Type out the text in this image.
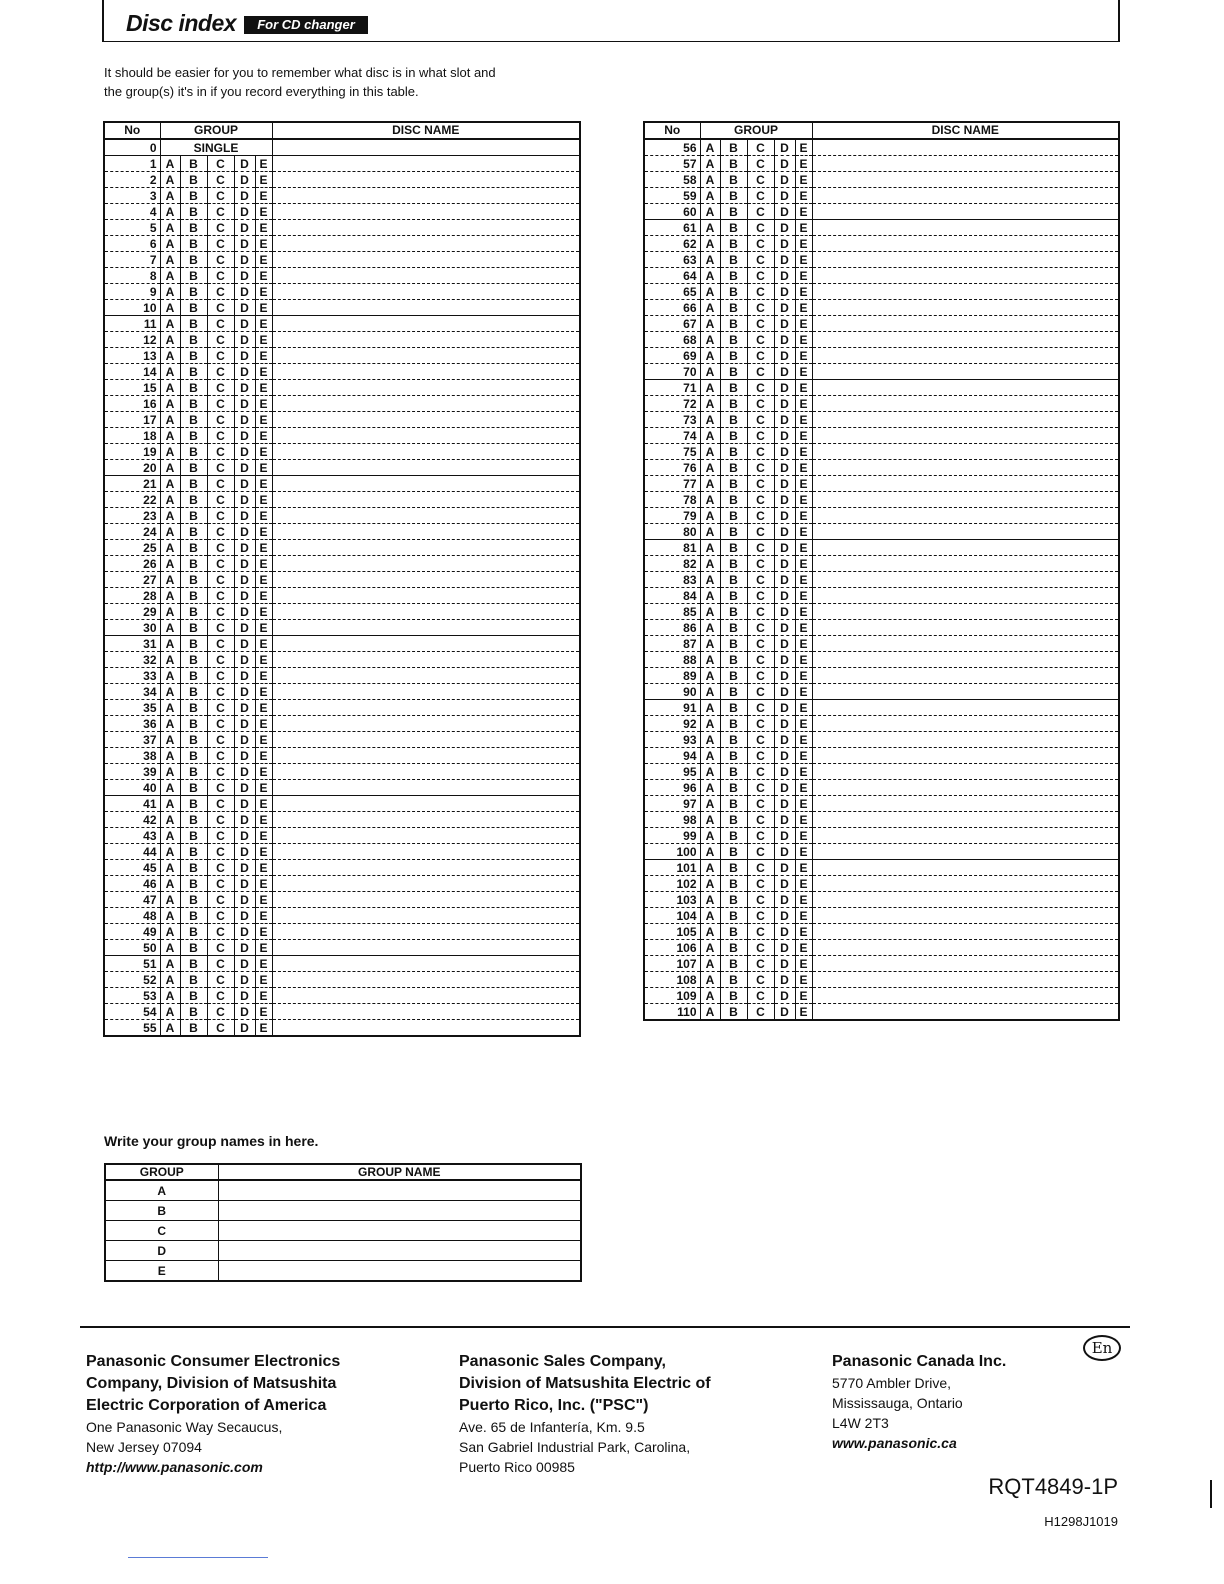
Disc index	For CD changer
It should be easier for you to remember what disc is in what slot and
the group(s) it's in if you record everything in this table.
No	GROUP					DISC NAME
0	SINGLE					
1	A	B	C	D	E	
2	A	B	C	D	E	
3	A	B	C	D	E	
4	A	B	C	D	E	
5	A	B	C	D	E	
6	A	B	C	D	E	
7	A	B	C	D	E	
8	A	B	C	D	E	
9	A	B	C	D	E	
10	A	B	C	D	E	
11	A	B	C	D	E	
12	A	B	C	D	E	
13	A	B	C	D	E	
14	A	B	C	D	E	
15	A	B	C	D	E	
16	A	B	C	D	E	
17	A	B	C	D	E	
18	A	B	C	D	E	
19	A	B	C	D	E	
20	A	B	C	D	E	
21	A	B	C	D	E	
22	A	B	C	D	E	
23	A	B	C	D	E	
24	A	B	C	D	E	
25	A	B	C	D	E	
26	A	B	C	D	E	
27	A	B	C	D	E	
28	A	B	C	D	E	
29	A	B	C	D	E	
30	A	B	C	D	E	
31	A	B	C	D	E	
32	A	B	C	D	E	
33	A	B	C	D	E	
34	A	B	C	D	E	
35	A	B	C	D	E	
36	A	B	C	D	E	
37	A	B	C	D	E	
38	A	B	C	D	E	
39	A	B	C	D	E	
40	A	B	C	D	E	
41	A	B	C	D	E	
42	A	B	C	D	E	
43	A	B	C	D	E	
44	A	B	C	D	E	
45	A	B	C	D	E	
46	A	B	C	D	E	
47	A	B	C	D	E	
48	A	B	C	D	E	
49	A	B	C	D	E	
50	A	B	C	D	E	
51	A	B	C	D	E	
52	A	B	C	D	E	
53	A	B	C	D	E	
54	A	B	C	D	E	
55	A	B	C	D	E	
No	GROUP					DISC NAME
56	A	B	C	D	E	
57	A	B	C	D	E	
58	A	B	C	D	E	
59	A	B	C	D	E	
60	A	B	C	D	E	
61	A	B	C	D	E	
62	A	B	C	D	E	
63	A	B	C	D	E	
64	A	B	C	D	E	
65	A	B	C	D	E	
66	A	B	C	D	E	
67	A	B	C	D	E	
68	A	B	C	D	E	
69	A	B	C	D	E	
70	A	B	C	D	E	
71	A	B	C	D	E	
72	A	B	C	D	E	
73	A	B	C	D	E	
74	A	B	C	D	E	
75	A	B	C	D	E	
76	A	B	C	D	E	
77	A	B	C	D	E	
78	A	B	C	D	E	
79	A	B	C	D	E	
80	A	B	C	D	E	
81	A	B	C	D	E	
82	A	B	C	D	E	
83	A	B	C	D	E	
84	A	B	C	D	E	
85	A	B	C	D	E	
86	A	B	C	D	E	
87	A	B	C	D	E	
88	A	B	C	D	E	
89	A	B	C	D	E	
90	A	B	C	D	E	
91	A	B	C	D	E	
92	A	B	C	D	E	
93	A	B	C	D	E	
94	A	B	C	D	E	
95	A	B	C	D	E	
96	A	B	C	D	E	
97	A	B	C	D	E	
98	A	B	C	D	E	
99	A	B	C	D	E	
100	A	B	C	D	E	
101	A	B	C	D	E	
102	A	B	C	D	E	
103	A	B	C	D	E	
104	A	B	C	D	E	
105	A	B	C	D	E	
106	A	B	C	D	E	
107	A	B	C	D	E	
108	A	B	C	D	E	
109	A	B	C	D	E	
110	A	B	C	D	E	
Write your group names in here.
GROUP	GROUP NAME
A	
B	
C	
D	
E	
En
Panasonic Consumer Electronics
Company, Division of Matsushita
Electric Corporation of America
One Panasonic Way Secaucus,
New Jersey 07094
http://www.panasonic.com
Panasonic Sales Company,
Division of Matsushita Electric of
Puerto Rico, Inc. ("PSC")
Ave. 65 de Infantería, Km. 9.5
San Gabriel Industrial Park, Carolina,
Puerto Rico 00985
Panasonic Canada Inc.
5770 Ambler Drive,
Mississauga, Ontario
L4W 2T3
www.panasonic.ca
RQT4849-1P
H1298J1019
